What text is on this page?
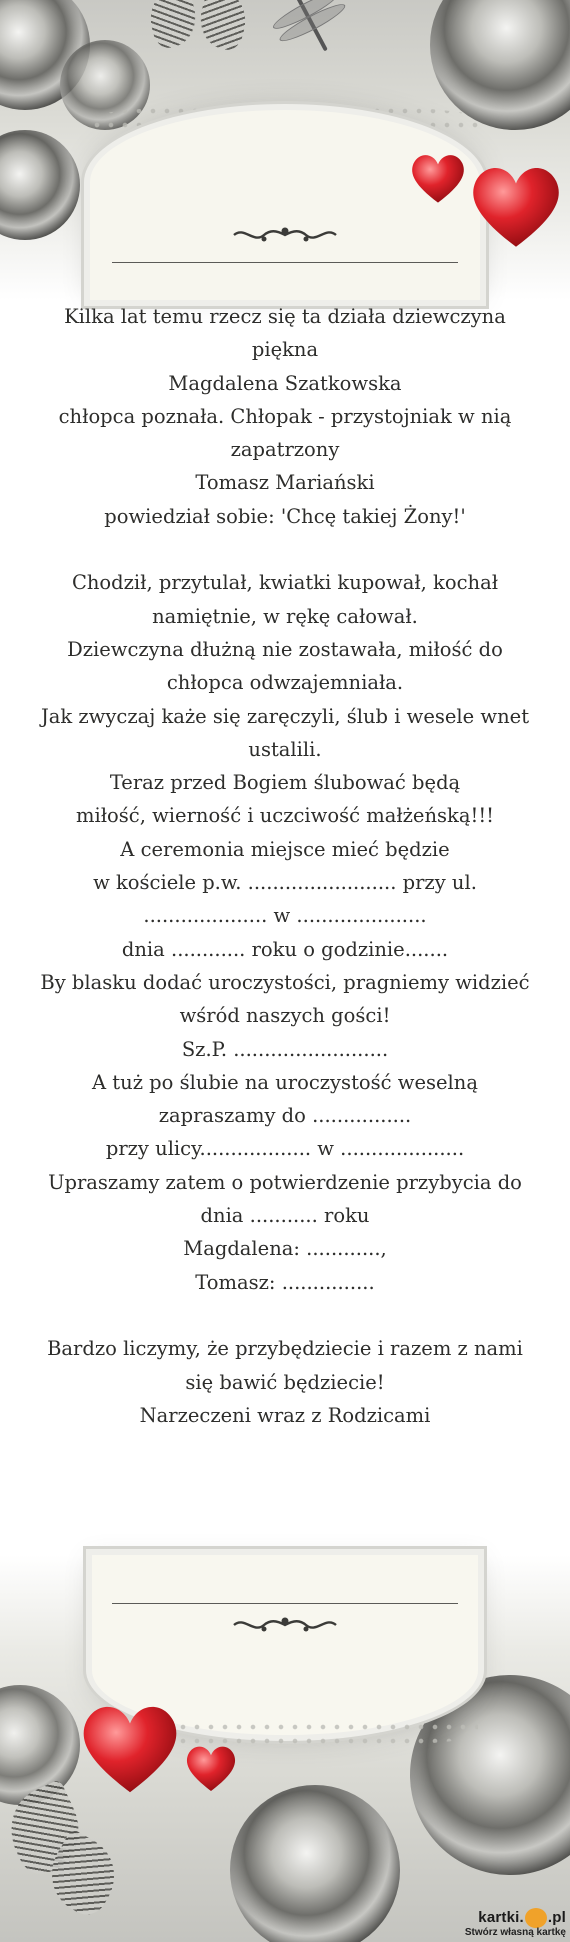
Kilka lat temu rzecz się ta działa dziewczyna piękna
Magdalena Szatkowska
chłopca poznała. Chłopak - przystojniak w nią zapatrzony
Tomasz Mariański
powiedział sobie: 'Chcę takiej Żony!'
Chodził, przytulał, kwiatki kupował, kochał namiętnie, w rękę całował.
Dziewczyna dłużną nie zostawała, miłość do chłopca odwzajemniała.
Jak zwyczaj każe się zaręczyli, ślub i wesele wnet ustalili.
Teraz przed Bogiem ślubować będą
miłość, wierność i uczciwość małżeńską!!!
A ceremonia miejsce mieć będzie
w kościele p.w. ........................ przy ul. .................... w .....................
dnia ............ roku o godzinie.......
By blasku dodać uroczystości, pragniemy widzieć wśród naszych gości!
Sz.P. .........................
A tuż po ślubie na uroczystość weselną zapraszamy do ................
przy ulicy.................. w ....................
Upraszamy zatem o potwierdzenie przybycia do dnia ........... roku
Magdalena: ............,
Tomasz: ...............
Bardzo liczymy, że przybędziecie i razem z nami się bawić będziecie!
Narzeczeni wraz z Rodzicami
kartki. .pl
Stwórz własną kartkę
